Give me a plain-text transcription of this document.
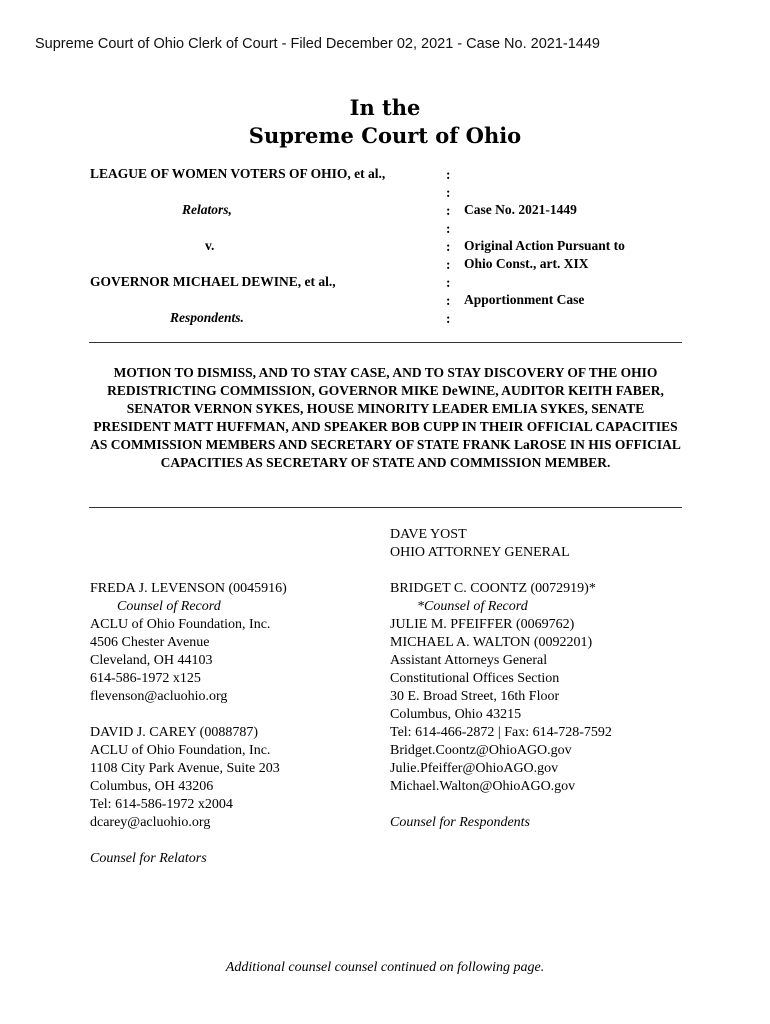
Supreme Court of Ohio Clerk of Court - Filed December 02, 2021 - Case No. 2021-1449
In the
Supreme Court of Ohio
LEAGUE OF WOMEN VOTERS OF OHIO, et al.,
Relators,
v.
GOVERNOR MICHAEL DEWINE, et al.,
Respondents.
:
:
:
:
:
:
:
:
:
Case No. 2021-1449
Original Action Pursuant to
Ohio Const., art. XIX
Apportionment Case
MOTION TO DISMISS, AND TO STAY CASE, AND TO STAY DISCOVERY OF THE OHIO REDISTRICTING COMMISSION, GOVERNOR MIKE DeWINE, AUDITOR KEITH FABER, SENATOR VERNON SYKES, HOUSE MINORITY LEADER EMLIA SYKES, SENATE PRESIDENT MATT HUFFMAN, AND SPEAKER BOB CUPP IN THEIR OFFICIAL CAPACITIES AS COMMISSION MEMBERS AND SECRETARY OF STATE FRANK LaROSE IN HIS OFFICIAL CAPACITIES AS SECRETARY OF STATE AND COMMISSION MEMBER.
DAVE YOST
OHIO ATTORNEY GENERAL
FREDA J. LEVENSON (0045916)
Counsel of Record
ACLU of Ohio Foundation, Inc.
4506 Chester Avenue
Cleveland, OH 44103
614-586-1972 x125
flevenson@acluohio.org
DAVID J. CAREY (0088787)
ACLU of Ohio Foundation, Inc.
1108 City Park Avenue, Suite 203
Columbus, OH 43206
Tel: 614-586-1972 x2004
dcarey@acluohio.org
Counsel for Relators
BRIDGET C. COONTZ (0072919)*
*Counsel of Record
JULIE M. PFEIFFER (0069762)
MICHAEL A. WALTON (0092201)
Assistant Attorneys General
Constitutional Offices Section
30 E. Broad Street, 16th Floor
Columbus, Ohio 43215
Tel: 614-466-2872 | Fax: 614-728-7592
Bridget.Coontz@OhioAGO.gov
Julie.Pfeiffer@OhioAGO.gov
Michael.Walton@OhioAGO.gov
Counsel for Respondents
Additional counsel counsel continued on following page.
